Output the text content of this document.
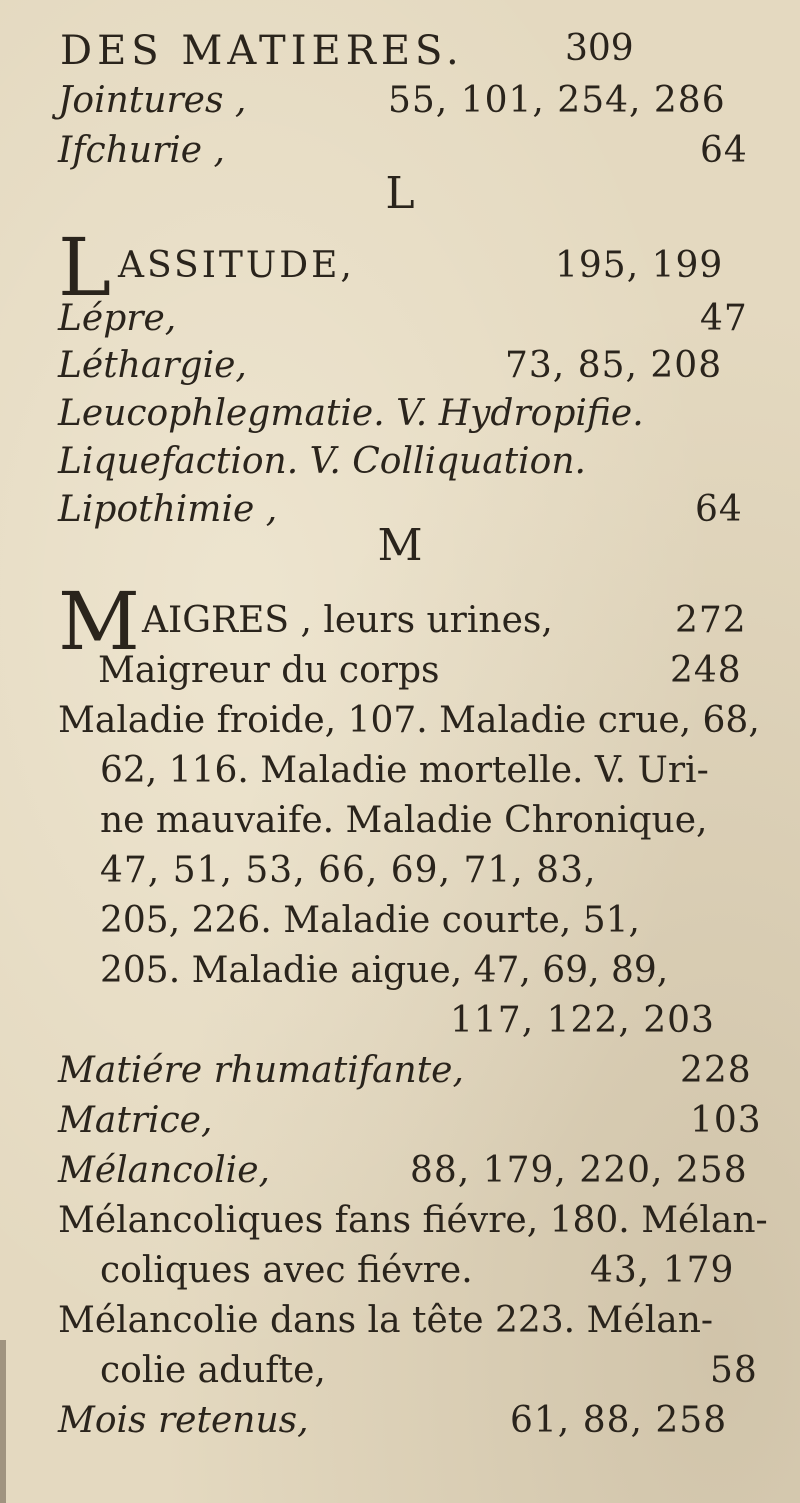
DES MATIERES.	309
Jointures ,	55, 101, 254, 286
Ifchurie ,	64
L
L ASSITUDE,	195, 199
Lépre,	47
Léthargie,	73, 85, 208
Leucophlegmatie. V. Hydropifie.
Liquefaction. V. Colliquation.
Lipothimie ,	64
M
M AIGRES , leurs urines,	272
Maigreur du corps	248
Maladie froide, 107. Maladie crue, 68,
62, 116. Maladie mortelle. V. Uri-
ne mauvaife. Maladie Chronique,
47, 51, 53, 66, 69, 71, 83,
205, 226. Maladie courte, 51,
205. Maladie aigue, 47, 69, 89,
117, 122, 203
Matiére rhumatifante,	228
Matrice,	103
Mélancolie,	88, 179, 220, 258
Mélancoliques fans fiévre, 180. Mélan-
coliques avec fiévre.	43, 179
Mélancolie dans la tête 223. Mélan-
colie adufte,	58
Mois retenus,	61, 88, 258
